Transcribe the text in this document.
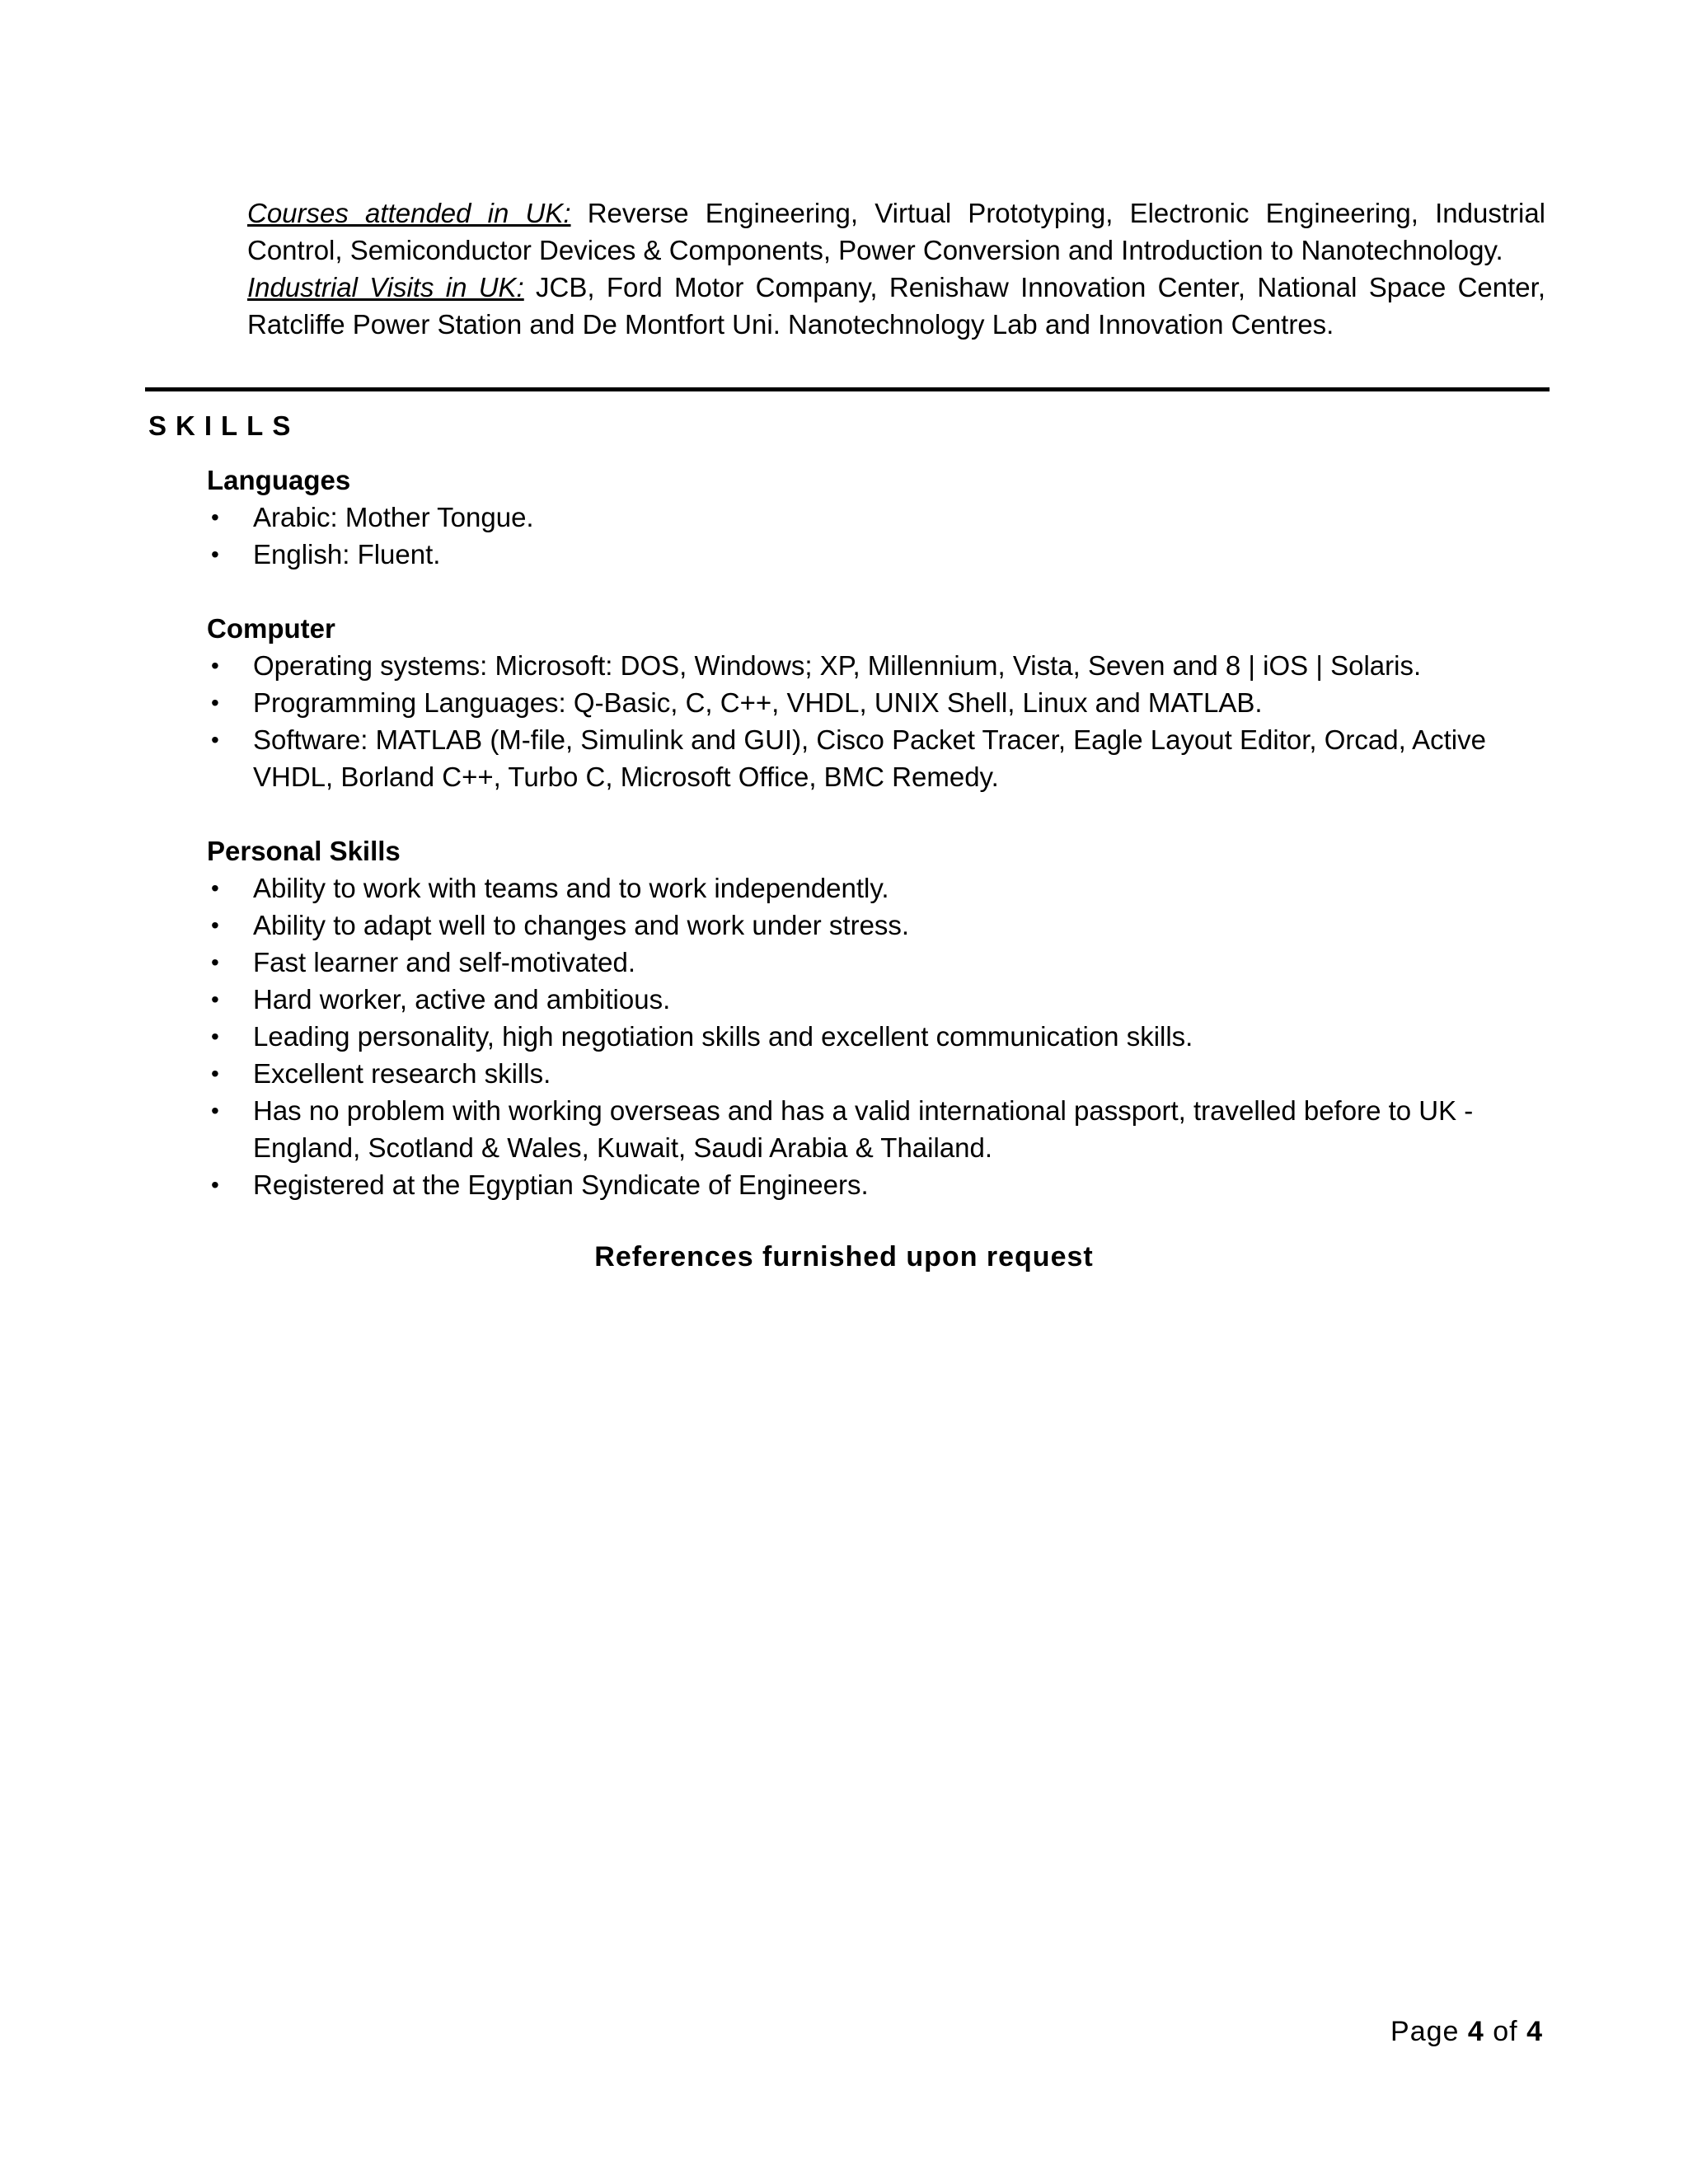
Courses attended in UK: Reverse Engineering, Virtual Prototyping, Electronic Engineering, Industrial Control, Semiconductor Devices & Components, Power Conversion and Introduction to Nanotechnology.

Industrial Visits in UK: JCB, Ford Motor Company, Renishaw Innovation Center, National Space Center, Ratcliffe Power Station and De Montfort Uni. Nanotechnology Lab and Innovation Centres.

SKILLS

Languages

•	Arabic: Mother Tongue.
•	English: Fluent.

Computer

•	Operating systems: Microsoft: DOS, Windows; XP, Millennium, Vista, Seven and 8 | iOS | Solaris.
•	Programming Languages: Q-Basic, C, C++, VHDL, UNIX Shell, Linux and MATLAB.
•	Software: MATLAB (M-file, Simulink and GUI), Cisco Packet Tracer, Eagle Layout Editor, Orcad, Active VHDL, Borland C++, Turbo C, Microsoft Office, BMC Remedy.

Personal Skills

•	Ability to work with teams and to work independently.
•	Ability to adapt well to changes and work under stress.
•	Fast learner and self-motivated.
•	Hard worker, active and ambitious.
•	Leading personality, high negotiation skills and excellent communication skills.
•	Excellent research skills.
•	Has no problem with working overseas and has a valid international passport, travelled before to UK - England, Scotland & Wales, Kuwait, Saudi Arabia & Thailand.
•	Registered at the Egyptian Syndicate of Engineers.
References furnished upon request
Page 4 of 4
